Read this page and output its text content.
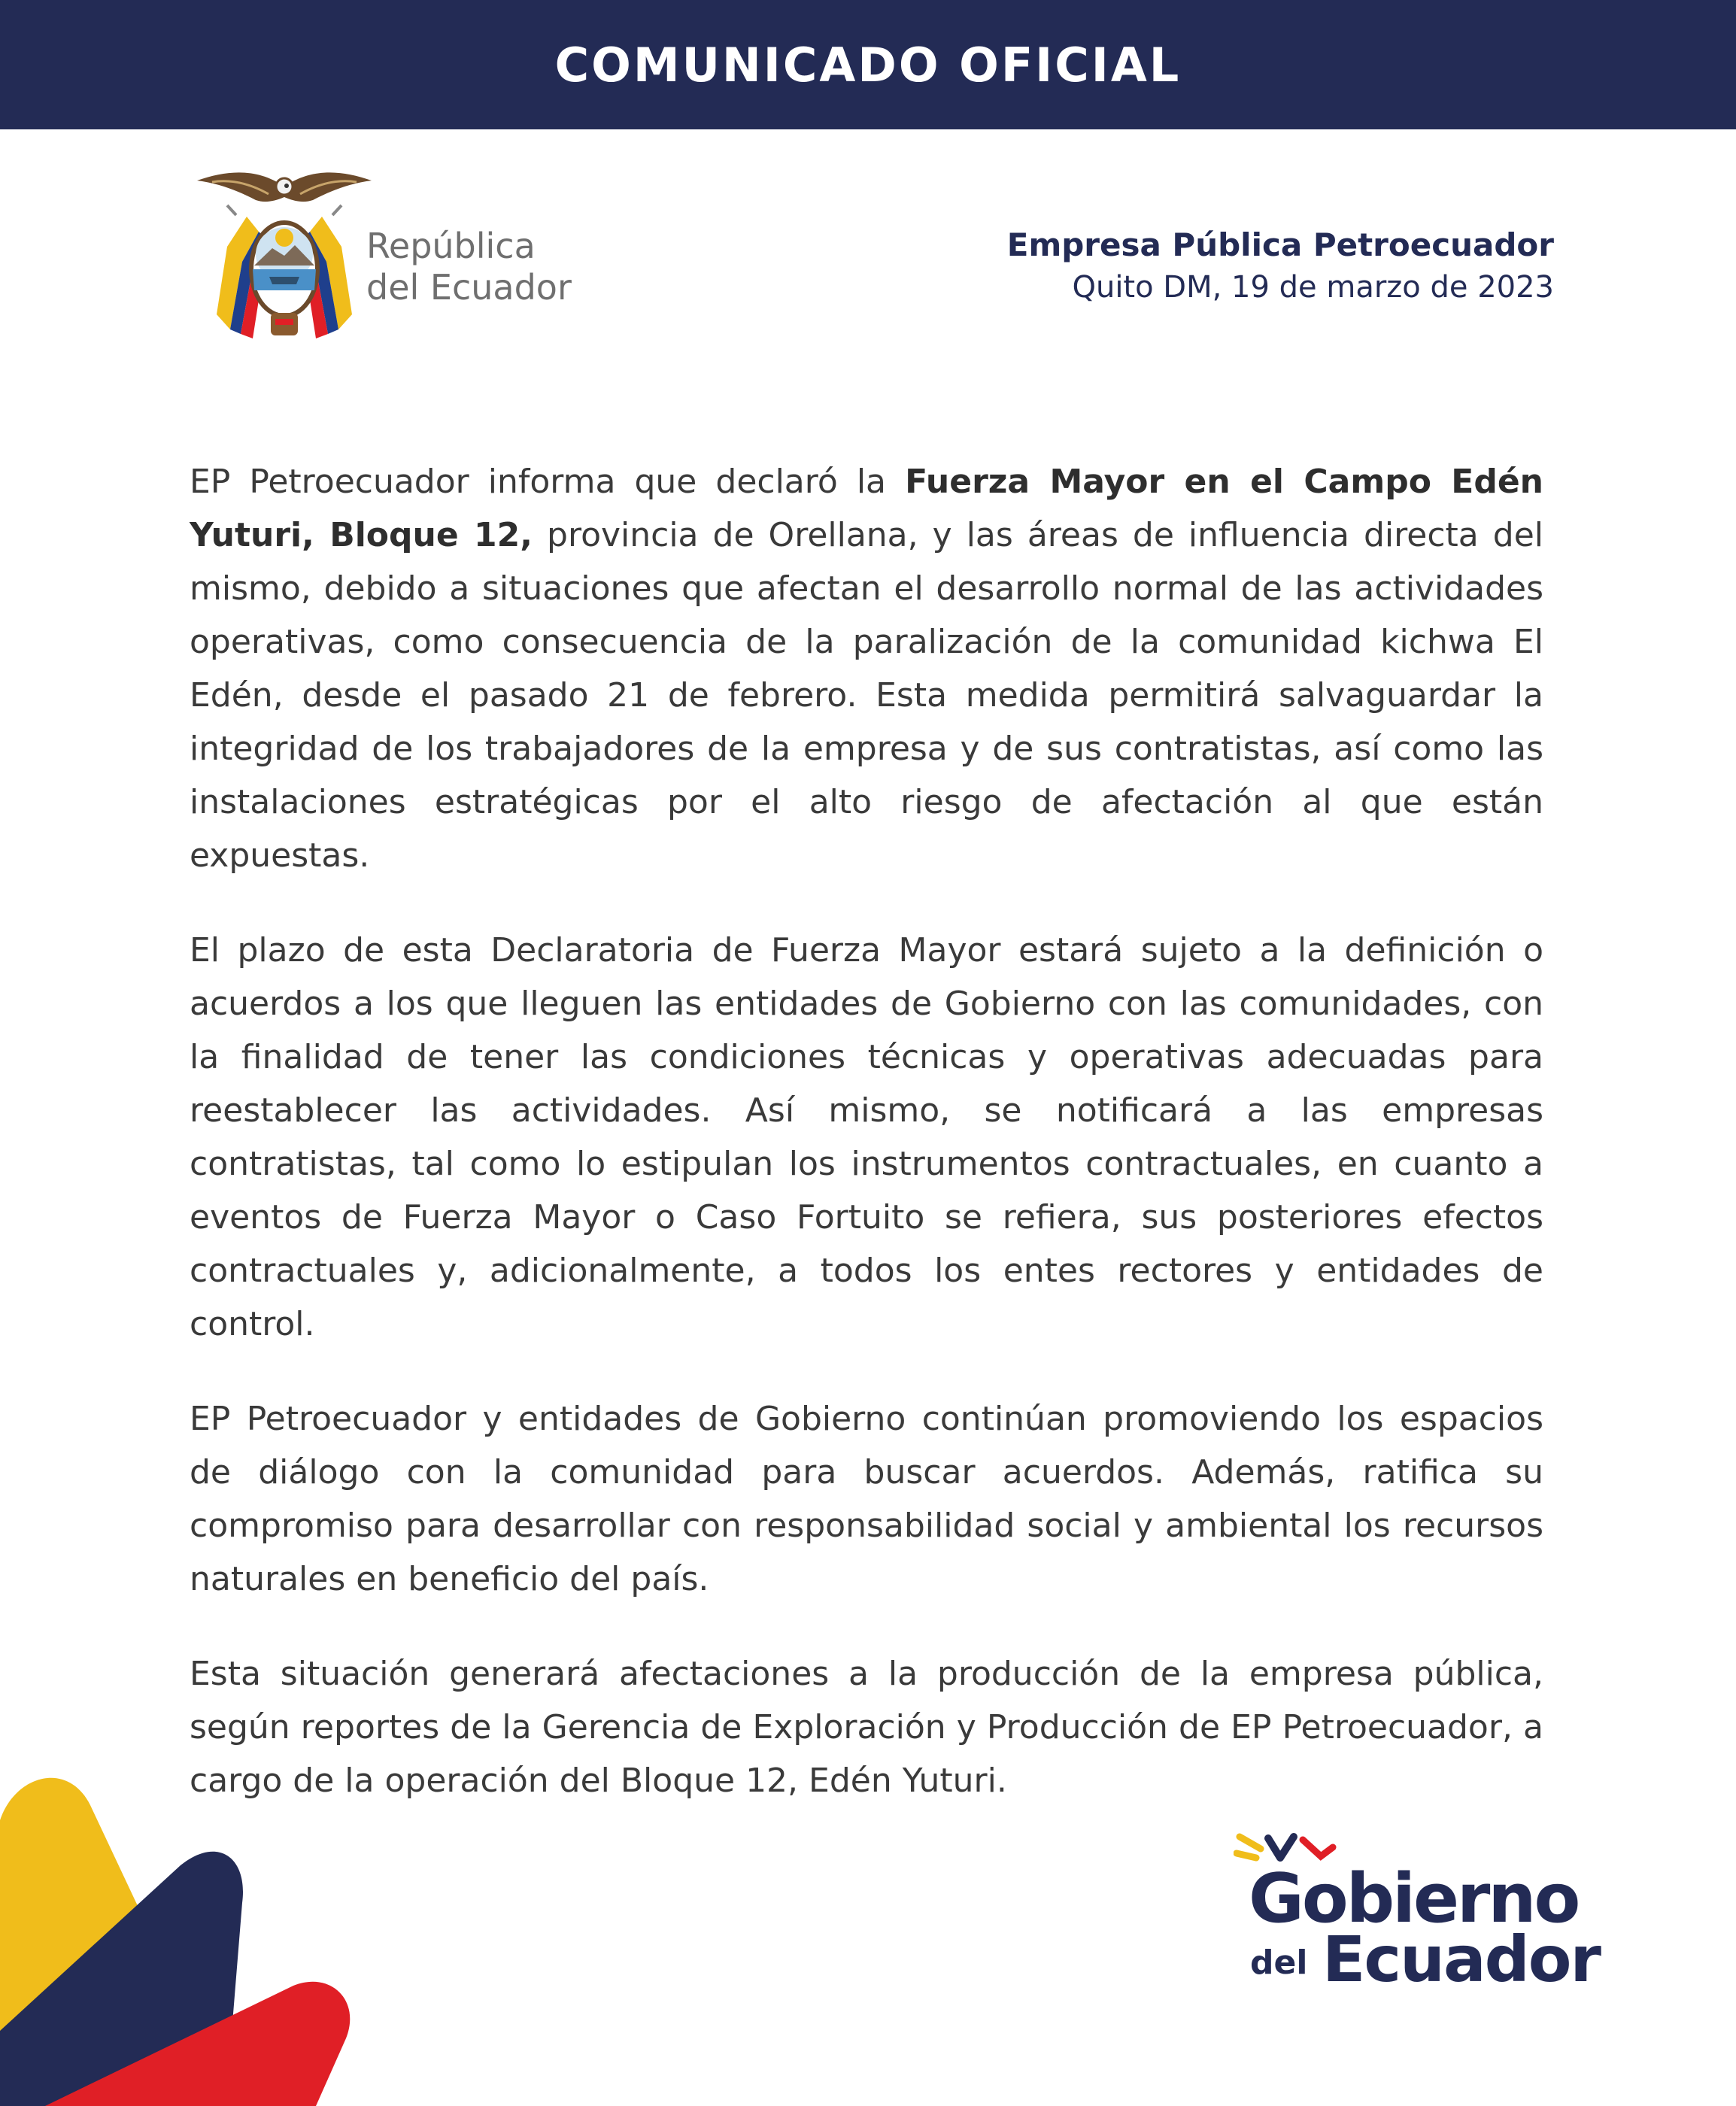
COMUNICADO OFICIAL
República
del Ecuador
Empresa Pública Petroecuador
Quito DM, 19 de marzo de 2023

EP Petroecuador informa que declaró la Fuerza Mayor en el Campo Edén Yuturi, Bloque 12, provincia de Orellana, y las áreas de influencia directa del mismo, debido a situaciones que afectan el desarrollo normal de las actividades operativas, como consecuencia de la paralización de la comunidad kichwa El Edén, desde el pasado 21 de febrero. Esta medida permitirá salvaguardar la integridad de los trabajadores de la empresa y de sus contratistas, así como las instalaciones estratégicas por el alto riesgo de afectación al que están expuestas.

El plazo de esta Declaratoria de Fuerza Mayor estará sujeto a la definición o acuerdos a los que lleguen las entidades de Gobierno con las comunidades, con la finalidad de tener las condiciones técnicas y operativas adecuadas para reestablecer las actividades. Así mismo, se notificará a las empresas contratistas, tal como lo estipulan los instrumentos contractuales, en cuanto a eventos de Fuerza Mayor o Caso Fortuito se refiera, sus posteriores efectos contractuales y, adicionalmente, a todos los entes rectores y entidades de control.

EP Petroecuador y entidades de Gobierno continúan promoviendo los espacios de diálogo con la comunidad para buscar acuerdos. Además, ratifica su compromiso para desarrollar con responsabilidad social y ambiental los recursos naturales en beneficio del país.

Esta situación generará afectaciones a la producción de la empresa pública, según reportes de la Gerencia de Exploración y Producción de EP Petroecuador, a cargo de la operación del Bloque 12, Edén Yuturi.

Gobierno
del Ecuador
